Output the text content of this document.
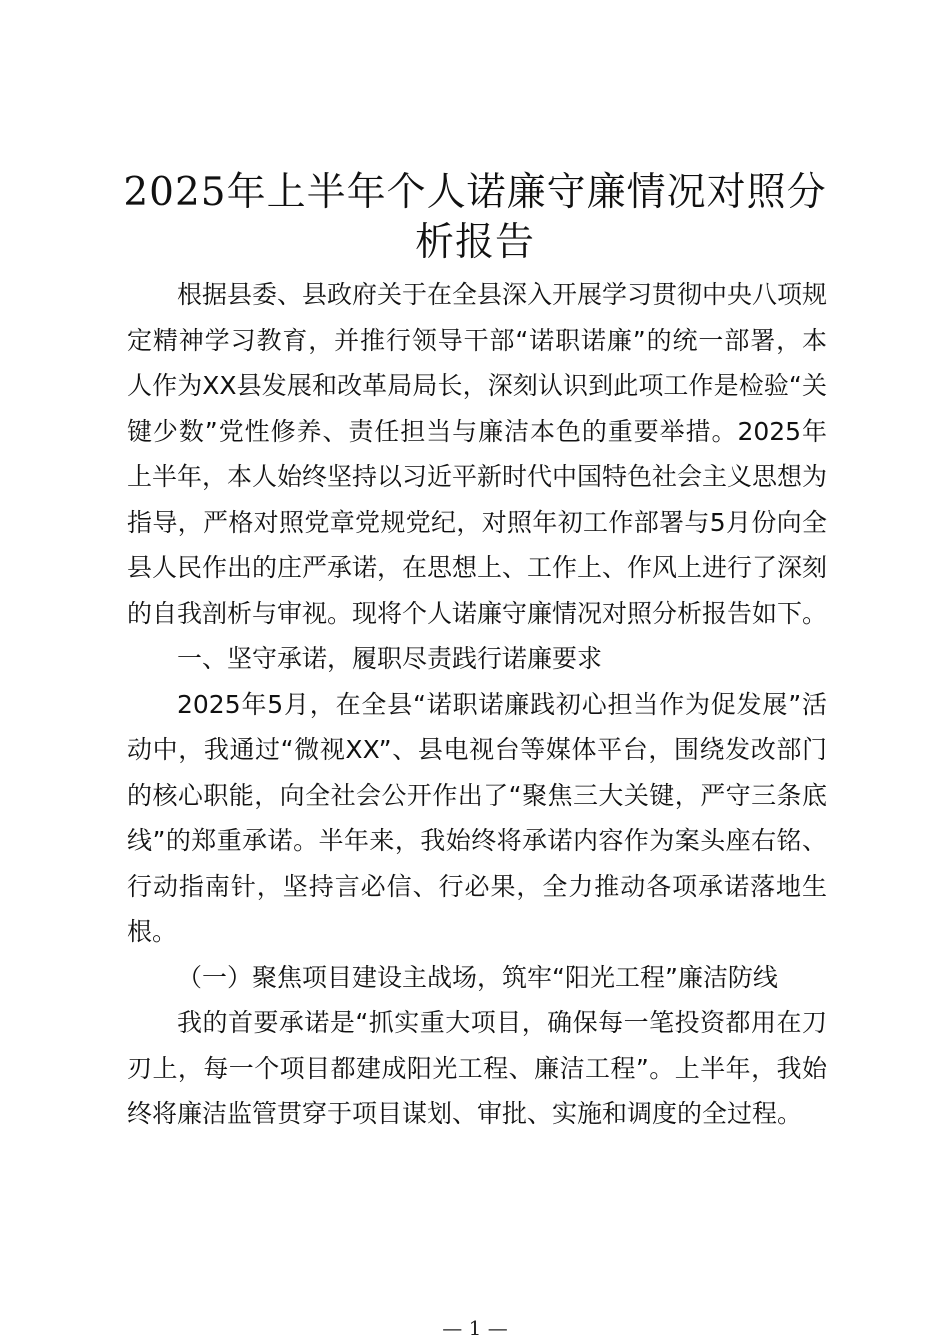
2025年上半年个人诺廉守廉情况对照分析报告

根据县委、县政府关于在全县深入开展学习贯彻中央八项规定精神学习教育，并推行领导干部“诺职诺廉”的统一部署，本人作为XX县发展和改革局局长，深刻认识到此项工作是检验“关键少数”党性修养、责任担当与廉洁本色的重要举措。2025年上半年，本人始终坚持以习近平新时代中国特色社会主义思想为指导，严格对照党章党规党纪，对照年初工作部署与5月份向全县人民作出的庄严承诺，在思想上、工作上、作风上进行了深刻的自我剖析与审视。现将个人诺廉守廉情况对照分析报告如下。

一、坚守承诺，履职尽责践行诺廉要求

2025年5月，在全县“诺职诺廉践初心担当作为促发展”活动中，我通过“微视XX”、县电视台等媒体平台，围绕发改部门的核心职能，向全社会公开作出了“聚焦三大关键，严守三条底线”的郑重承诺。半年来，我始终将承诺内容作为案头座右铭、行动指南针，坚持言必信、行必果，全力推动各项承诺落地生根。

（一）聚焦项目建设主战场，筑牢“阳光工程”廉洁防线

我的首要承诺是“抓实重大项目，确保每一笔投资都用在刀刃上，每一个项目都建成阳光工程、廉洁工程”。上半年，我始终将廉洁监管贯穿于项目谋划、审批、实施和调度的全过程。

— 1 —
